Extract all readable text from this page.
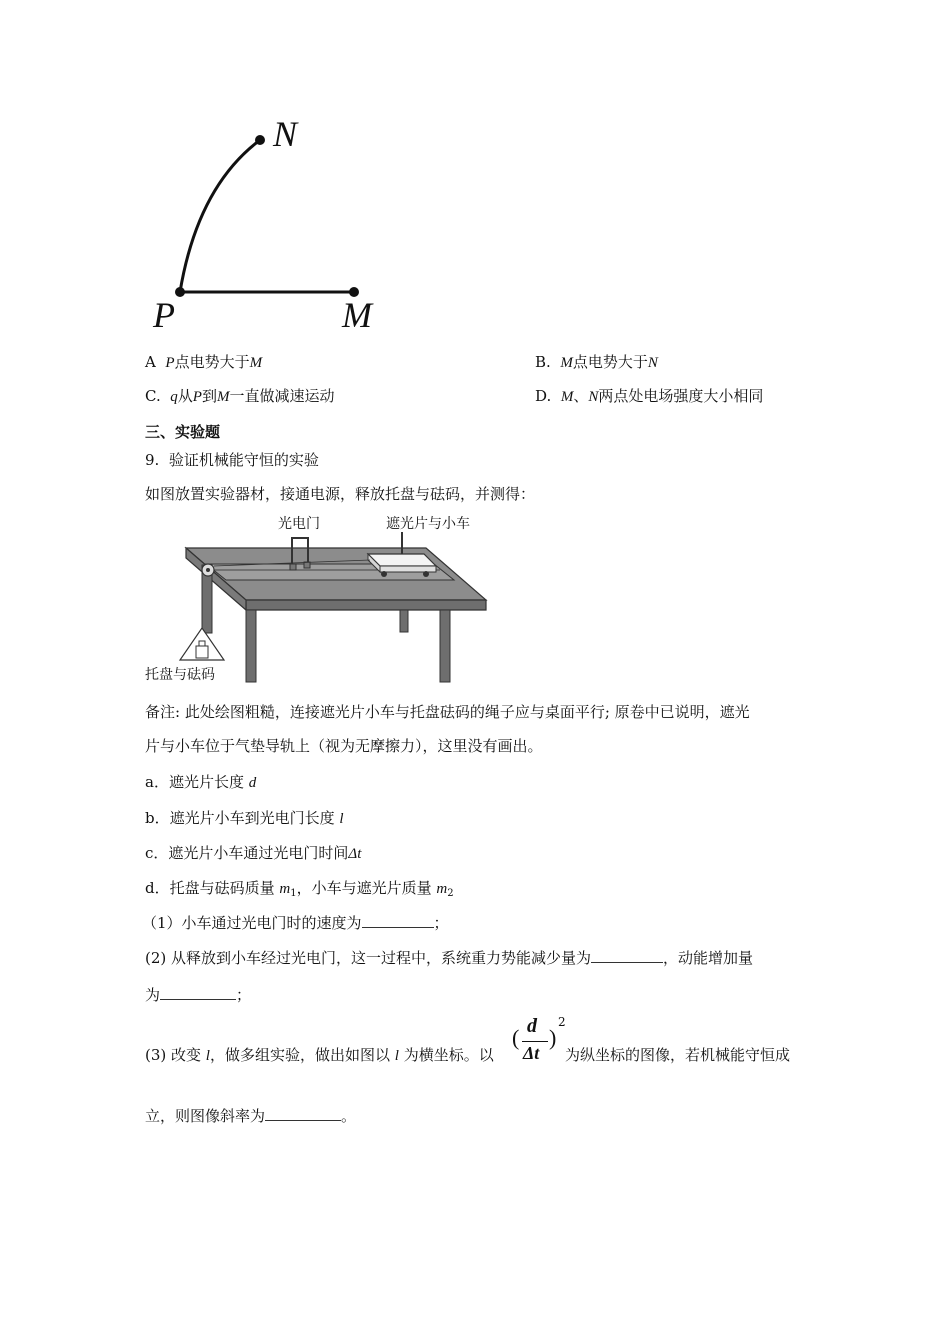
N
P	M
A P点电势大于M	B. M点电势大于N
C. q从P到M一直做减速运动	D. M、N两点处电场强度大小相同
三、实验题
9. 验证机械能守恒的实验
如图放置实验器材，接通电源，释放托盘与砝码，并测得：
光电门	遮光片与小车
托盘与砝码
备注: 此处绘图粗糙，连接遮光片小车与托盘砝码的绳子应与桌面平行; 原卷中已说明，遮光
片与小车位于气垫导轨上（视为无摩擦力），这里没有画出。
a．遮光片长度 d
b．遮光片小车到光电门长度 l
c．遮光片小车通过光电门时间Δt
d．托盘与砝码质量 $m_1$，小车与遮光片质量 $m_2$
（1）小车通过光电门时的速度为	；
(2) 从释放到小车经过光电门，这一过程中，系统重力势能减少量为	，动能增加量
为	；
(3) 改变 l，做多组实验，做出如图以 l 为横坐标。以
( d
Δt
)
2
为纵坐标的图像，若机械能守恒成
立，则图像斜率为	。
